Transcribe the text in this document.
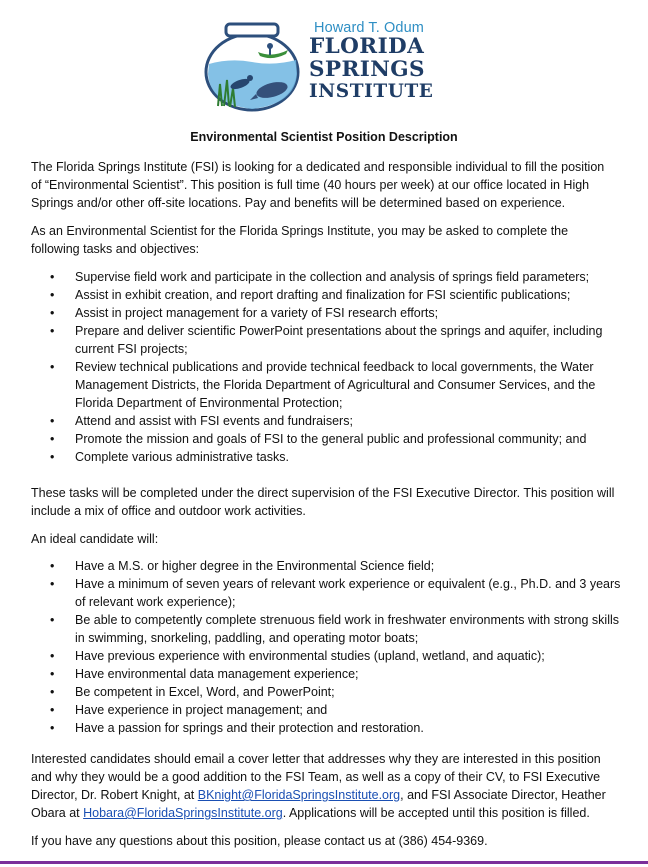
Howard T. Odum
FLORIDA
SPRINGS
INSTITUTE
Environmental Scientist Position Description

The Florida Springs Institute (FSI) is looking for a dedicated and responsible individual to fill the position of “Environmental Scientist”. This position is full time (40 hours per week) at our office located in High Springs and/or other off-site locations. Pay and benefits will be determined based on experience.

As an Environmental Scientist for the Florida Springs Institute, you may be asked to complete the following tasks and objectives:

• Supervise field work and participate in the collection and analysis of springs field parameters;
• Assist in exhibit creation, and report drafting and finalization for FSI scientific publications;
• Assist in project management for a variety of FSI research efforts;
• Prepare and deliver scientific PowerPoint presentations about the springs and aquifer, including current FSI projects;
• Review technical publications and provide technical feedback to local governments, the Water Management Districts, the Florida Department of Agricultural and Consumer Services, and the Florida Department of Environmental Protection;
• Attend and assist with FSI events and fundraisers;
• Promote the mission and goals of FSI to the general public and professional community; and
• Complete various administrative tasks.

These tasks will be completed under the direct supervision of the FSI Executive Director. This position will include a mix of office and outdoor work activities.

An ideal candidate will:

• Have a M.S. or higher degree in the Environmental Science field;
• Have a minimum of seven years of relevant work experience or equivalent (e.g., Ph.D. and 3 years of relevant work experience);
• Be able to competently complete strenuous field work in freshwater environments with strong skills in swimming, snorkeling, paddling, and operating motor boats;
• Have previous experience with environmental studies (upland, wetland, and aquatic);
• Have environmental data management experience;
• Be competent in Excel, Word, and PowerPoint;
• Have experience in project management; and
• Have a passion for springs and their protection and restoration.

Interested candidates should email a cover letter that addresses why they are interested in this position and why they would be a good addition to the FSI Team, as well as a copy of their CV, to FSI Executive Director, Dr. Robert Knight, at BKnight@FloridaSpringsInstitute.org, and FSI Associate Director, Heather Obara at Hobara@FloridaSpringsInstitute.org. Applications will be accepted until this position is filled.

If you have any questions about this position, please contact us at (386) 454-9369.
